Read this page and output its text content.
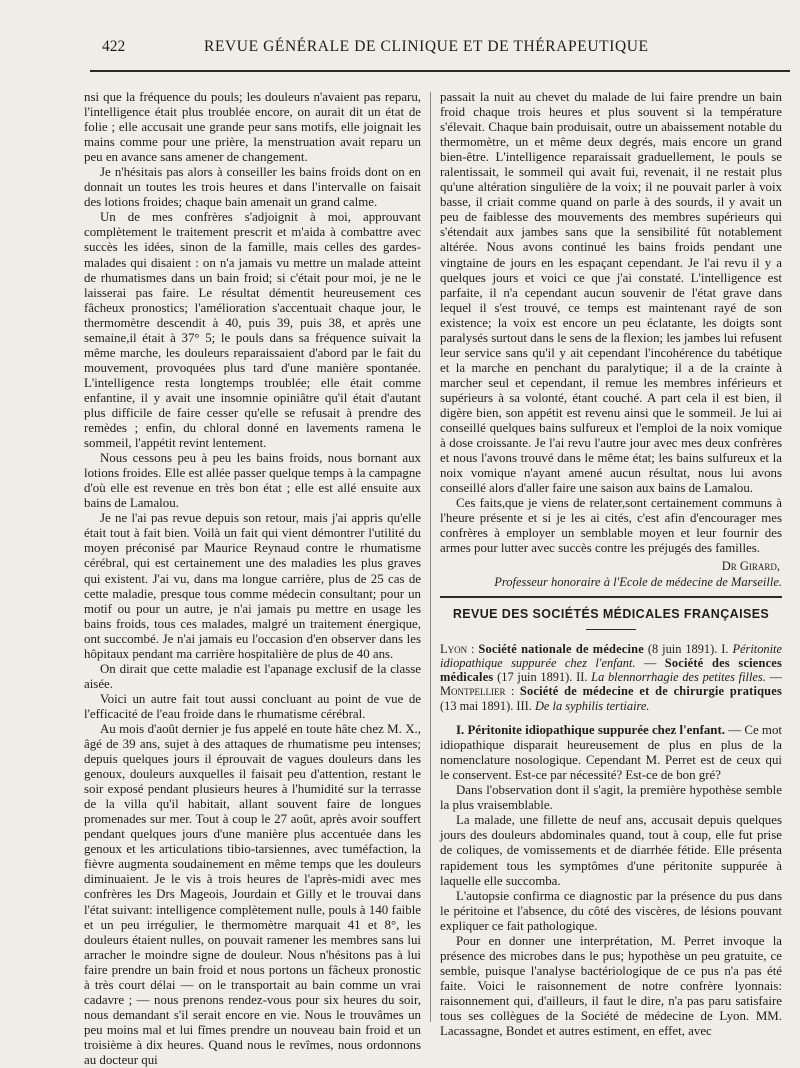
422	REVUE GÉNÉRALE DE CLINIQUE ET DE THÉRAPEUTIQUE

nsi que la fréquence du pouls; les douleurs n'avaient pas reparu, l'intelligence était plus troublée encore, on aurait dit un état de folie ; elle accusait une grande peur sans motifs, elle joignait les mains comme pour une prière, la menstruation avait reparu un peu en avance sans amener de changement.

Je n'hésitais pas alors à conseiller les bains froids dont on en donnait un toutes les trois heures et dans l'intervalle on faisait des lotions froides; chaque bain amenait un grand calme.

Un de mes confrères s'adjoignit à moi, approuvant complètement le traitement prescrit et m'aida à combattre avec succès les idées, sinon de la famille, mais celles des gardes-malades qui disaient : on n'a jamais vu mettre un malade atteint de rhumatismes dans un bain froid; si c'était pour moi, je ne le laisserai pas faire. Le résultat démentit heureusement ces fâcheux pronostics; l'amélioration s'accentuait chaque jour, le thermomètre descendit à 40, puis 39, puis 38, et après une semaine,il était à 37° 5; le pouls dans sa fréquence suivait la même marche, les douleurs reparaissaient d'abord par le fait du mouvement, provoquées plus tard d'une manière spontanée. L'intelligence resta longtemps troublée; elle était comme enfantine, il y avait une insomnie opiniâtre qu'il était d'autant plus difficile de faire cesser qu'elle se refusait à prendre des remèdes ; enfin, du chloral donné en lavements ramena le sommeil, l'appétit revint lentement.

Nous cessons peu à peu les bains froids, nous bornant aux lotions froides. Elle est allée passer quelque temps à la campagne d'où elle est revenue en très bon état ; elle est allé ensuite aux bains de Lamalou.

Je ne l'ai pas revue depuis son retour, mais j'ai appris qu'elle était tout à fait bien. Voilà un fait qui vient démontrer l'utilité du moyen préconisé par Maurice Reynaud contre le rhumatisme cérébral, qui est certainement une des maladies les plus graves qui existent. J'ai vu, dans ma longue carrière, plus de 25 cas de cette maladie, presque tous comme médecin consultant; pour un motif ou pour un autre, je n'ai jamais pu mettre en usage les bains froids, tous ces malades, malgré un traitement énergique, ont succombé. Je n'ai jamais eu l'occasion d'en observer dans les hôpitaux pendant ma carrière hospitalière de plus de 40 ans.

On dirait que cette maladie est l'apanage exclusif de la classe aisée.

Voici un autre fait tout aussi concluant au point de vue de l'efficacité de l'eau froide dans le rhumatisme cérébral.

Au mois d'août dernier je fus appelé en toute hâte chez M. X., âgé de 39 ans, sujet à des attaques de rhumatisme peu intenses; depuis quelques jours il éprouvait de vagues douleurs dans les genoux, douleurs auxquelles il faisait peu d'attention, restant le soir exposé pendant plusieurs heures à l'humidité sur la terrasse de la villa qu'il habitait, allant souvent faire de longues promenades sur mer. Tout à coup le 27 août, après avoir souffert pendant quelques jours d'une manière plus accentuée dans les genoux et les articulations tibio-tarsiennes, avec tuméfaction, la fièvre augmenta soudainement en même temps que les douleurs diminuaient. Je le vis à trois heures de l'après-midi avec mes confrères les Drs Mageois, Jourdain et Gilly et le trouvai dans l'état suivant: intelligence complètement nulle, pouls à 140 faible et un peu irrégulier, le thermomètre marquait 41 et 8°, les douleurs étaient nulles, on pouvait ramener les membres sans lui arracher le moindre signe de douleur. Nous n'hésitons pas à lui faire prendre un bain froid et nous portons un fâcheux pronostic à très court délai — on le transportait au bain comme un vrai cadavre ; — nous prenons rendez-vous pour six heures du soir, nous demandant s'il serait encore en vie. Nous le trouvâmes un peu moins mal et lui fîmes prendre un nouveau bain froid et un troisième à dix heures. Quand nous le revîmes, nous ordonnons au docteur qui

passait la nuit au chevet du malade de lui faire prendre un bain froid chaque trois heures et plus souvent si la température s'élevait. Chaque bain produisait, outre un abaissement notable du thermomètre, un et même deux degrés, mais encore un grand bien-être. L'intelligence reparaissait graduellement, le pouls se ralentissait, le sommeil qui avait fui, revenait, il ne restait plus qu'une altération singulière de la voix; il ne pouvait parler à voix basse, il criait comme quand on parle à des sourds, il y avait un peu de faiblesse des mouvements des membres supérieurs qui s'étendait aux jambes sans que la sensibilité fût notablement altérée. Nous avons continué les bains froids pendant une vingtaine de jours en les espaçant cependant. Je l'ai revu il y a quelques jours et voici ce que j'ai constaté. L'intelligence est parfaite, il n'a cependant aucun souvenir de l'état grave dans lequel il s'est trouvé, ce temps est maintenant rayé de son existence; la voix est encore un peu éclatante, les doigts sont paralysés surtout dans le sens de la flexion; les jambes lui refusent leur service sans qu'il y ait cependant l'incohérence du tabétique et la marche en penchant du paralytique; il a de la crainte à marcher seul et cependant, il remue les membres inférieurs et supérieurs à sa volonté, étant couché. A part cela il est bien, il digère bien, son appétit est revenu ainsi que le sommeil. Je lui ai conseillé quelques bains sulfureux et l'emploi de la noix vomique à dose croissante. Je l'ai revu l'autre jour avec mes deux confrères et nous l'avons trouvé dans le même état; les bains sulfureux et la noix vomique n'ayant amené aucun résultat, nous lui avons conseillé alors d'aller faire une saison aux bains de Lamalou.

Ces faits,que je viens de relater,sont certainement communs à l'heure présente et si je les ai cités, c'est afin d'encourager mes confrères à employer un semblable moyen et leur fournir des armes pour lutter avec succès contre les préjugés des familles.

Dr Girard,
Professeur honoraire à l'Ecole de médecine de Marseille.
REVUE DES SOCIÉTÉS MÉDICALES FRANÇAISES

Lyon : Société nationale de médecine (8 juin 1891). I. Péritonite idiopathique suppurée chez l'enfant. — Société des sciences médicales (17 juin 1891). II. La blennorrhagie des petites filles. — Montpellier : Société de médecine et de chirurgie pratiques (13 mai 1891). III. De la syphilis tertiaire.

I. Péritonite idiopathique suppurée chez l'enfant. — Ce mot idiopathique disparait heureusement de plus en plus de la nomenclature nosologique. Cependant M. Perret est de ceux qui le conservent. Est-ce par nécessité? Est-ce de bon gré?

Dans l'observation dont il s'agit, la première hypothèse semble la plus vraisemblable.

La malade, une fillette de neuf ans, accusait depuis quelques jours des douleurs abdominales quand, tout à coup, elle fut prise de coliques, de vomissements et de diarrhée fétide. Elle présenta rapidement tous les symptômes d'une péritonite suppurée à laquelle elle succomba.

L'autopsie confirma ce diagnostic par la présence du pus dans le péritoine et l'absence, du côté des viscères, de lésions pouvant expliquer ce fait pathologique.

Pour en donner une interprétation, M. Perret invoque la présence des microbes dans le pus; hypothèse un peu gratuite, ce semble, puisque l'analyse bactériologique de ce pus n'a pas été faite. Voici le raisonnement de notre confrère lyonnais: raisonnement qui, d'ailleurs, il faut le dire, n'a pas paru satisfaire tous ses collègues de la Société de médecine de Lyon. MM. Lacassagne, Bondet et autres estiment, en effet, avec
